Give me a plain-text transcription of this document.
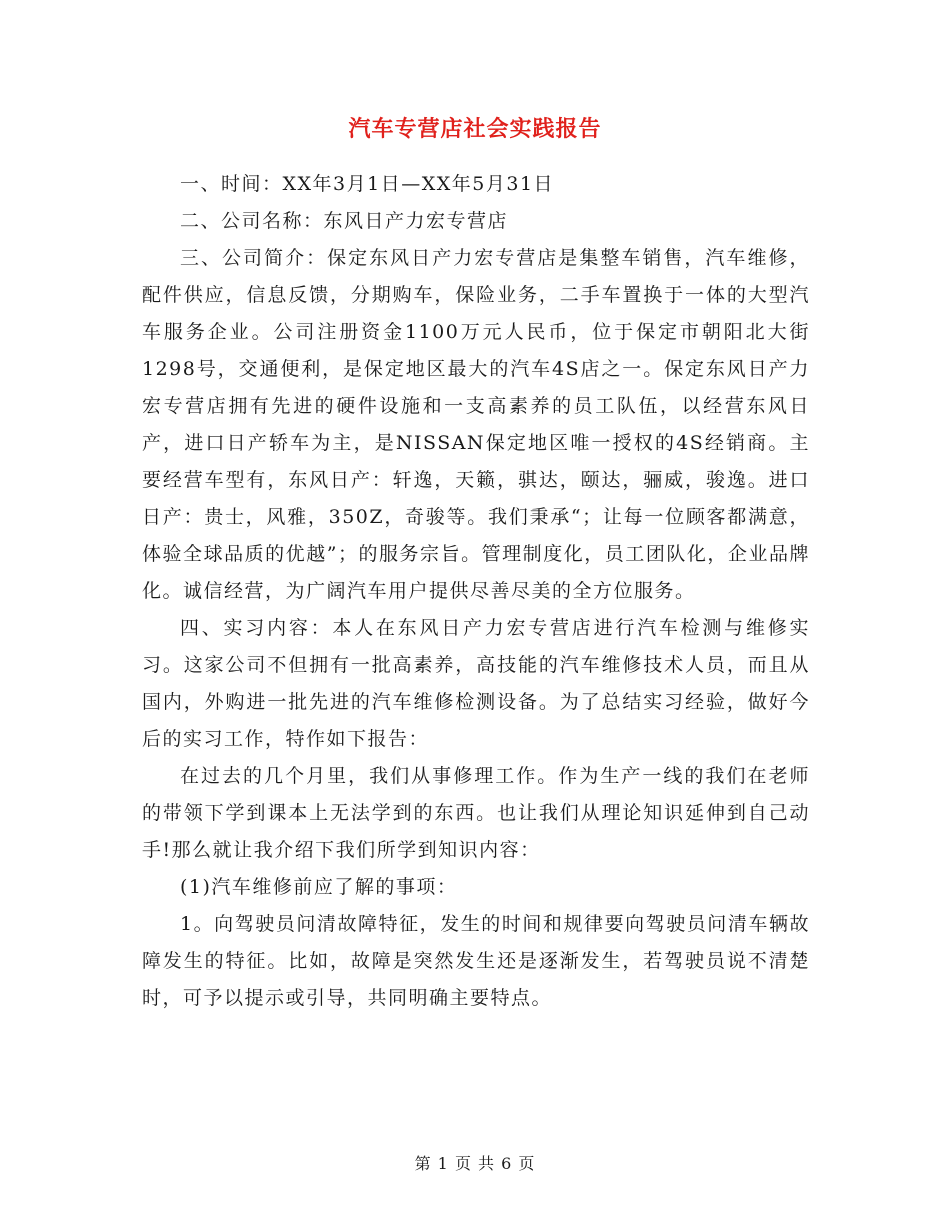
汽车专营店社会实践报告

一、时间：XX年3月1日—XX年5月31日

二、公司名称：东风日产力宏专营店

三、公司简介：保定东风日产力宏专营店是集整车销售，汽车维修，配件供应，信息反馈，分期购车，保险业务，二手车置换于一体的大型汽车服务企业。公司注册资金1100万元人民币，位于保定市朝阳北大街1298号，交通便利，是保定地区最大的汽车4S店之一。保定东风日产力宏专营店拥有先进的硬件设施和一支高素养的员工队伍，以经营东风日产，进口日产轿车为主，是NISSAN保定地区唯一授权的4S经销商。主要经营车型有，东风日产：轩逸，天籁，骐达，颐达，骊威，骏逸。进口日产：贵士，风雅，350Z，奇骏等。我们秉承“；让每一位顾客都满意，体验全球品质的优越”；的服务宗旨。管理制度化，员工团队化，企业品牌化。诚信经营，为广阔汽车用户提供尽善尽美的全方位服务。

四、实习内容：本人在东风日产力宏专营店进行汽车检测与维修实习。这家公司不但拥有一批高素养，高技能的汽车维修技术人员，而且从国内，外购进一批先进的汽车维修检测设备。为了总结实习经验，做好今后的实习工作，特作如下报告：

在过去的几个月里，我们从事修理工作。作为生产一线的我们在老师的带领下学到课本上无法学到的东西。也让我们从理论知识延伸到自己动手!那么就让我介绍下我们所学到知识内容：

(1)汽车维修前应了解的事项：

1。向驾驶员问清故障特征，发生的时间和规律要向驾驶员问清车辆故障发生的特征。比如，故障是突然发生还是逐渐发生，若驾驶员说不清楚时，可予以提示或引导，共同明确主要特点。

第 1 页 共 6 页
